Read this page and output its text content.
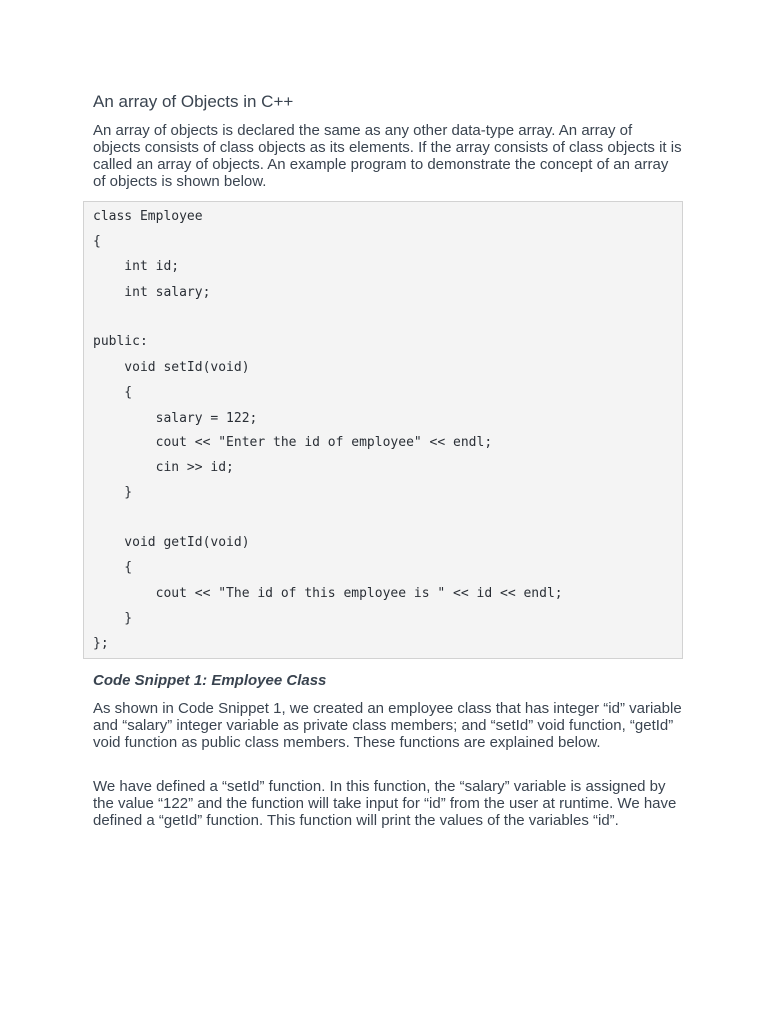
An array of Objects in C++

An array of objects is declared the same as any other data-type array. An array of objects consists of class objects as its elements. If the array consists of class objects it is called an array of objects. An example program to demonstrate the concept of an array of objects is shown below.

class Employee
{
int id;
int salary;
public:
void setId(void)
{
salary = 122;
cout << "Enter the id of employee" << endl;
cin >> id;
}
void getId(void)
{
cout << "The id of this employee is " << id << endl;
}
};

Code Snippet 1: Employee Class

As shown in Code Snippet 1, we created an employee class that has integer “id” variable and “salary” integer variable as private class members; and “setId” void function, “getId” void function as public class members. These functions are explained below.

We have defined a “setId” function. In this function, the “salary” variable is assigned by the value “122” and the function will take input for “id” from the user at runtime. We have defined a “getId” function. This function will print the values of the variables “id”.
